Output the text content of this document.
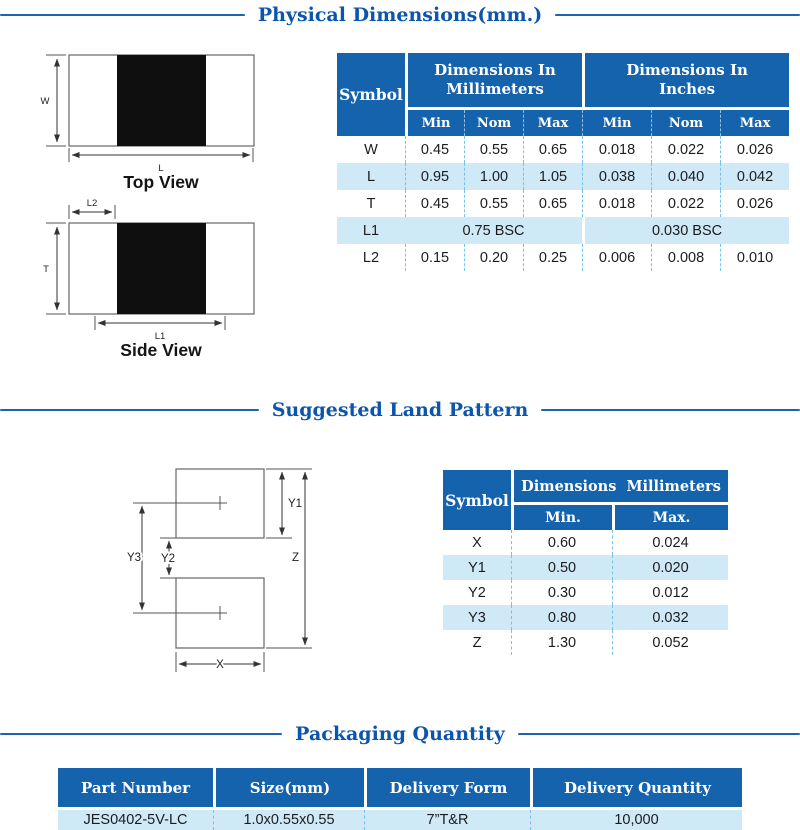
Physical Dimensions(mm.)
Suggested Land Pattern
Packaging Quantity
W
L
Top View
L2
T
L1
Side View
Y1
Z
Y3 Y2
X
Symbol	Dimensions In Millimeters			Dimensions In Inches		
	Min	Nom	Max	Min	Nom	Max
W	0.45	0.55	0.65	0.018	0.022	0.026
L	0.95	1.00	1.05	0.038	0.040	0.042
T	0.45	0.55	0.65	0.018	0.022	0.026
L1	0.75 BSC			0.030 BSC		
L2	0.15	0.20	0.25	0.006	0.008	0.010
Symbol	Dimensions  Millimeters	
	Min.	Max.
X	0.60	0.024
Y1	0.50	0.020
Y2	0.30	0.012
Y3	0.80	0.032
Z	1.30	0.052
Part Number	Size(mm)	Delivery Form	Delivery Quantity
JES0402-5V-LC	1.0x0.55x0.55	7”T&R	10,000
